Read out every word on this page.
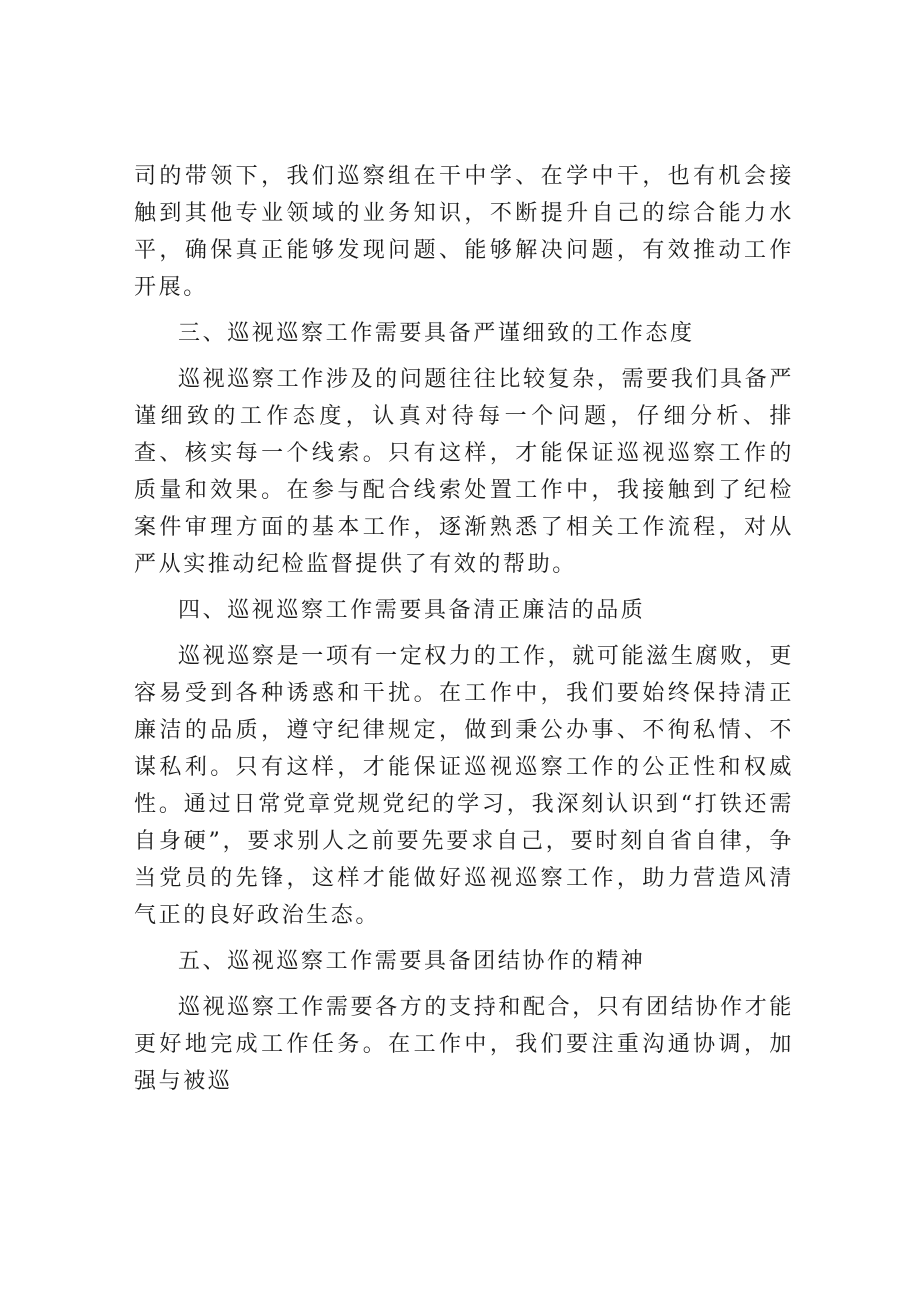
司的带领下，我们巡察组在干中学、在学中干，也有机会接触到其他专业领域的业务知识，不断提升自己的综合能力水平，确保真正能够发现问题、能够解决问题，有效推动工作开展。

三、巡视巡察工作需要具备严谨细致的工作态度

巡视巡察工作涉及的问题往往比较复杂，需要我们具备严谨细致的工作态度，认真对待每一个问题，仔细分析、排查、核实每一个线索。只有这样，才能保证巡视巡察工作的质量和效果。在参与配合线索处置工作中，我接触到了纪检案件审理方面的基本工作，逐渐熟悉了相关工作流程，对从严从实推动纪检监督提供了有效的帮助。

四、巡视巡察工作需要具备清正廉洁的品质

巡视巡察是一项有一定权力的工作，就可能滋生腐败，更容易受到各种诱惑和干扰。在工作中，我们要始终保持清正廉洁的品质，遵守纪律规定，做到秉公办事、不徇私情、不谋私利。只有这样，才能保证巡视巡察工作的公正性和权威性。通过日常党章党规党纪的学习，我深刻认识到“打铁还需自身硬”，要求别人之前要先要求自己，要时刻自省自律，争当党员的先锋，这样才能做好巡视巡察工作，助力营造风清气正的良好政治生态。

五、巡视巡察工作需要具备团结协作的精神

巡视巡察工作需要各方的支持和配合，只有团结协作才能更好地完成工作任务。在工作中，我们要注重沟通协调，加强与被巡
